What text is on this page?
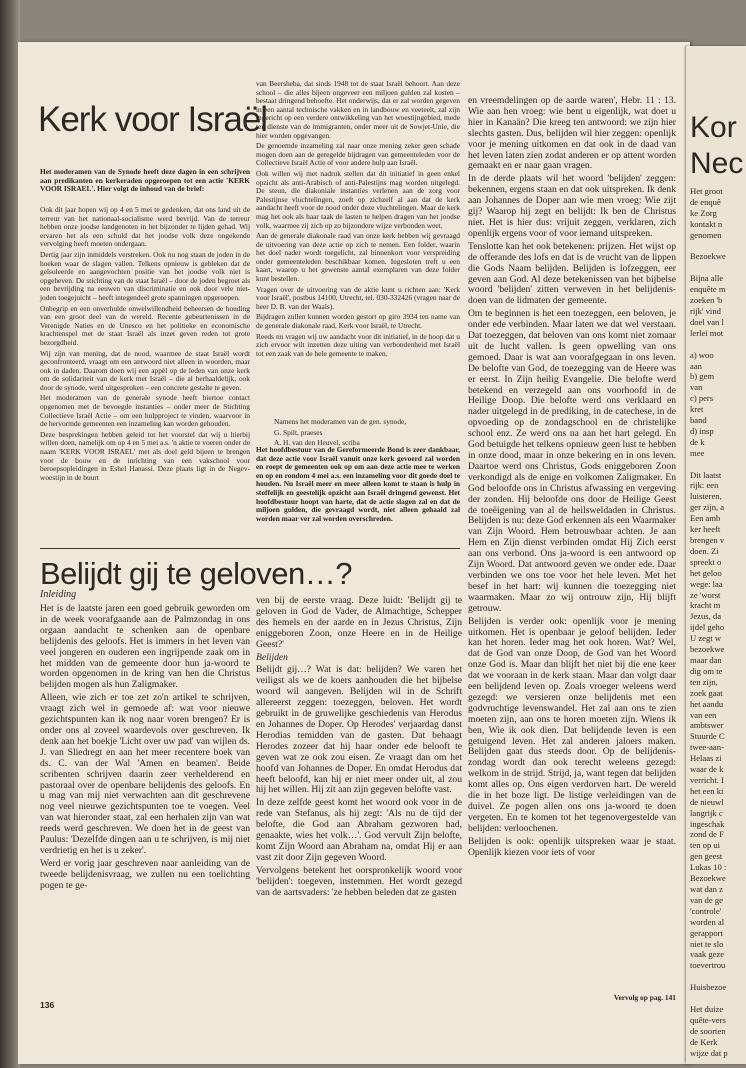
Kerk voor Israël
Het moderamen van de Synode heeft deze dagen in een schrijven aan predikanten en kerkeraden opgeroepen tot een actie 'KERK VOOR ISRAEL'. Hier volgt de inhoud van de brief:

Ook dit jaar hopen wij op 4 en 5 mei te gedenken, dat ons land uit de terreur van het nationaal-socialisme werd bevrijd. Van de terreur hebben onze joodse landgenoten in het bijzonder te lijden gehad. Wij ervaren het als een schuld dat het joodse volk deze ongekende vervolging heeft moeten ondergaan.

Dertig jaar zijn inmiddels verstreken. Ook nu nog staan de joden in de hoeken waar de slagen vallen. Telkens opnieuw is gebleken dat de geïsoleerde en aangevochten positie van het joodse volk niet is opgeheven. De stichting van de staat Israël – door de joden begroet als een bevrijding na eeuwen van discriminatie en ook door vele niet-joden toegejuicht – heeft integendeel grote spanningen opgeroepen.

Onbegrip en een onverhulde onwelwillendheid beheersen de houding van een groot deel van de wereld. Recente gebeurtenissen in de Verenigde Naties en de Unesco en het politieke en economische krachtenspel met de staat Israël als inzet geven reden tot grote bezorgdheid.

Wij zijn van mening, dat de nood, waarmee de staat Israël wordt geconfronteerd, vraagt om een antwoord niet alleen in woorden, maar ook in daden. Daarom doen wij een appèl op de leden van onze kerk om de solidariteit van de kerk met Israël – die al herhaaldelijk, ook door de synode, werd uitgesproken – een concrete gestalte te geven.

Het moderamen van de generale synode heeft hiertoe contact opgenomen met de bevoegde instanties – onder meer de Stichting Collectieve Israël Actie – om een hulpproject te vinden, waarvoor in de hervormde gemeenten een inzameling kan worden gehouden.

Deze besprekingen hebben geleid tot het voorstel dat wij u hierbij willen doen, namelijk om op 4 en 5 mei a.s. 'n aktie te voeren onder de naam 'KERK VOOR ISRAEL' met als doel geld bijeen te brengen voor de bouw en de inrichting van een vakschool voor beroepsopleidingen in Eshel Hanassi. Deze plaats ligt in de Negev-woestijn in de buurt

van Beersheba, dat sinds 1948 tot de staat Israël behoort. Aan deze school – die alles bijeen ongeveer een miljoen gulden zal kosten – bestaat dringend behoefte. Het onderwijs, dat er zal worden gegeven in een aantal technische vakken en in landbouw en veeteelt, zal zijn ingericht op een verdere ontwikkeling van het woestijngebied, mede ten dienste van de immigranten, onder meer uit de Sowjet-Unie, die hier worden opgevangen.

De genoemde inzameling zal naar onze mening zeker geen schade mogen doen aan de geregelde bijdragen van gemeenteleden voor de Collectieve Israël Actie of voor andere hulp aan Israël.

Ook willen wij met nadruk stellen dat dit initiatief in geen enkel opzicht als anti-Arabisch of anti-Palestijns mag worden uitgelegd. De steun, die diakoniale instanties verlenen aan de zorg voor Palestijnse vluchtelingen, zoeft op zichzelf al aan dat de kerk aandacht heeft voor de nood onder deze vluchtelingen. Maar de kerk mag het ook als haar taak de lasten te helpen dragen van het joodse volk, waarmee zij zich op zo bijzondere wijze verbonden weet.

Aan de generale diakonale raad van onze kerk hebben wij gevraagd de uitvoering van deze actie op zich te nemen. Een folder, waarin het doel nader wordt toegelicht, zal binnenkort voor verspreiding onder gemeenteleden beschikbaar komen. Ingesloten treft u een kaart, waarop u het gewenste aantal exemplaren van deze folder kunt bestellen.

Vragen over de uitvoering van de aktie kunt u richten aan: 'Kerk voor Israël', postbus 14100, Utrecht, tel. 030-332426 (vragen naar de heer D. B. van der Waals).

Bijdragen zullen kunnen worden gestort op giro 3934 ten name van de generale diakonale raad, Kerk voor Israël, te Utrecht.

Reeds nu vragen wij uw aandacht voor dit initiatief, in de hoop dat u zich ervoor wilt inzetten deze uiting van verbondenheid met Israël tot een zaak van de hele gemeente te maken.

Namens het moderamen van de gen. synode,

G. Spilt, praeses

A. H. van den Heuvel, scriba

Het hoofdbestuur van de Gereformeerde Bond is zeer dankbaar, dat deze actie voor Israël vanuit onze kerk gevoerd zal worden en roept de gemeenten ook op om aan deze actie mee te werken en op en rondom 4 mei a.s. een inzameling voor dit goede doel te houden. Nu Israël meer en meer alleen komt te staan is hulp in stoffelijk en geestelijk opzicht aan Israël dringend gewenst. Het hoofdbestuur hoopt van harte, dat de actie slagen zal en dat de miljoen gulden, die gevraagd wordt, niet alleen gehaald zal worden maar ver zal worden overschreden.
Belijdt gij te geloven…?
Inleiding

Het is de laatste jaren een goed gebruik geworden om in de week voorafgaande aan de Palmzondag in ons orgaan aandacht te schenken aan de openbare belijdenis des geloofs. Het is immers in het leven van veel jongeren en ouderen een ingrijpende zaak om in het midden van de gemeente door hun ja-woord te worden opgenomen in de kring van hen die Christus belijden mogen als hun Zaligmaker.

Alleen, wie zich er toe zet zo'n artikel te schrijven, vraagt zich wel in gemoede af: wat voor nieuwe gezichtspunten kan ik nog naar voren brengen? Er is onder ons al zoveel waardevols over geschreven. Ik denk aan het boekje 'Licht over uw pad' van wijlen ds. J. van Sliedregt en aan het meer recentere boek van ds. C. van der Wal 'Amen en beamen'. Beide scribenten schrijven daarin zeer verhelderend en pastoraal over de openbare belijdenis des geloofs. En u mag van mij niet verwachten aan dit geschrevene nog veel nieuwe gezichtspunten toe te voegen. Veel van wat hieronder staat, zal een herhalen zijn van wat reeds werd geschreven. We doen het in de geest van Paulus: 'Dezelfde dingen aan u te schrijven, is mij niet verdrietig en het is u zeker'.

Werd er vorig jaar geschreven naar aanleiding van de tweede belijdenisvraag, we zullen nu een toelichting pogen te ge-

ven bij de eerste vraag. Deze luidt: 'Belijdt gij te geloven in God de Vader, de Almachtige, Schepper des hemels en der aarde en in Jezus Christus, Zijn eniggeboren Zoon, onze Heere en in de Heilige Geest?'

Belijden

Belijdt gij…? Wat is dat: belijden? We varen het veiligst als we de koers aanhouden die het bijbelse woord wil aangeven. Belijden wil in de Schrift allereerst zeggen: toezeggen, beloven. Het wordt gebruikt in de gruwelijke geschiedenis van Herodus en Johannes de Doper. Op Herodes' verjaardag danst Herodias temidden van de gasten. Dat behaagt Herodes zozeer dat hij haar onder ede belooft te geven wat ze ook zou eisen. Ze vraagt dan om het hoofd van Johannes de Doper. En omdat Herodus dat heeft beloofd, kan hij er niet meer onder uit, al zou hij het willen. Hij zit aan zijn gegeven belofte vast.

In deze zelfde geest komt het woord ook voor in de rede van Stefanus, als hij zegt: 'Als nu de tijd der belofte, die God aan Abraham gezworen had, genaakte, wies het volk…'. God vervult Zijn belofte, komt Zijn Woord aan Abraham na, omdat Hij er aan vast zit door Zijn gegeven Woord.

Vervolgens betekent het oorspronkelijk woord voor 'belijden': toegeven, instemmen. Het wordt gezegd van de aartsvaders: 'ze hebben beleden dat ze gasten

en vreemdelingen op de aarde waren', Hebr. 11 : 13. Wie aan hen vroeg: wie bent u eigenlijk, wat doet u hier in Kanaän? Die kreeg ten antwoord: we zijn hier slechts gasten. Dus, belijden wil hier zeggen: openlijk voor je mening uitkomen en dat ook in de daad van het leven laten zien zodat anderen er op attent worden gemaakt en er naar gaan vragen.

In de derde plaats wil het woord 'belijden' zeggen: bekennen, ergens staan en dat ook uitspreken. Ik denk aan Johannes de Doper aan wie men vroeg: Wie zijt gij? Waarop hij zegt en belijdt: Ik ben de Christus niet. Het is hier dus: vrijuit zeggen, verklaren, zich openlijk ergens voor of voor iemand uitspreken.

Tenslotte kan het ook betekenen: prijzen. Het wijst op de offerande des lofs en dat is de vrucht van de lippen die Gods Naam belijden. Belijden is lofzeggen, eer geven aan God. Al deze betekenissen van het bijbelse woord 'belijden' zitten verweven in het belijdenis-doen van de lidmaten der gemeente.

Om te beginnen is het een toezeggen, een beloven, je onder ede verbinden. Maar laten we dat wel verstaan. Dat toezeggen, dat beloven van ons komt niet zomaar uit de lucht vallen. Is geen opwelling van ons gemoed. Daar is wat aan voorafgegaan in ons leven. De belofte van God, de toezegging van de Heere was er eerst. In Zijn heilig Evangelie. Die belofte werd betekend en verzegeld aan ons voorhoofd in de Heilige Doop. Die belofte werd ons verklaard en nader uitgelegd in de prediking, in de catechese, in de opvoeding op de zondagschool en de christelijke school enz. Ze werd ons na aan het hart gelegd. En God betuigde het telkens opnieuw geen lust te hebben in onze dood, maar in onze bekering en in ons leven. Daartoe werd ons Christus, Gods eniggeboren Zoon verkondigd als de enige en volkomen Zaligmaker. En God beloofde ons in Christus afwassing en vergeving der zonden. Hij beloofde ons door de Heilige Geest de toeëigening van al de heilsweldaden in Christus. Belijden is nu: deze God erkennen als een Waarmaker van Zijn Woord. Hem betrouwbaar achten. Je aan Hem en Zijn dienst verbinden omdat Hij Zich eerst aan ons verbond. Ons ja-woord is een antwoord op Zijn Woord. Dat antwoord geven we onder ede. Daar verbinden we ons toe voor het hele leven. Met het besef in het hart: wij kunnen die toezegging niet waarmaken. Maar zo wij ontrouw zijn, Hij blijft getrouw.

Belijden is verder ook: openlijk voor je mening uitkomen. Het is openbaar je geloof belijden. Ieder kan het horen. Ieder mag het ook horen. Wat? Wel, dat de God van onze Doop, de God van het Woord onze God is. Maar dan blijft het niet bij die ene keer dat we vooraan in de kerk staan. Maar dan volgt daar een belijdend leven op. Zoals vroeger weleens werd gezegd: we versieren onze belijdenis met een godvruchtige levenswandel. Het zal aan ons te zien moeten zijn, aan ons te horen moeten zijn. Wiens ik ben, Wie ik ook dien. Dat belijdende leven is een getuigend leven. Het zal anderen jaloers maken. Belijden gaat dus steeds door. Op de belijdenis-zondag wordt dan ook terecht weleens gezegd: welkom in de strijd. Strijd, ja, want tegen dat belijden komt alles op. Ons eigen verdorven hart. De wereld die in het boze ligt. De listige verleidingen van de duivel. Ze pogen allen ons ons ja-woord te doen vergeten. En te komen tot het tegenovergestelde van belijden: verloochenen.

Belijden is ook: openlijk uitspreken waar je staat. Openlijk kiezen voor iets of voor

Vervolg op pag. 141
136
Kor
Nec
Het groot
de enquê
ke Zorg
kontakt n
genomen

Bezoekwe

Bijna alle
enquête m
zoeken 'b
rijk' vind
doel van l
lerlei mot

a) woo
aan
b) gem
van
c) pers
kret
band
d) insp
de k
mee

Dit laatst
rijk: een
luisteren,
ger zijn, a
Een amb
ker heeft
brengen v
doen. Zi
spreekt o
het geloo
wege: laa
ze 'worst
kracht m
Jezus, da
ijdel geho
U zegt w
bezoekwe
maar dan
dig om te
ten zijn,
zoek gaat
het aandu
van een
ambtswer
Stuurde C
twee-aan-
Helaas zi
waar de k
verricht. I
het een ki
de nieuwl
langrijk c
ingeschak
zond de F
ten op ui
gen geest
Lukas 10 :
Bezoekwe
wat dan z
van de ge
'controle'
worden al
gerapport
niet te slo
vaak geze
toevertrou

Huisbezoe

Het duize
quête-vers
de soorten
de Kerk
wijze dat p
